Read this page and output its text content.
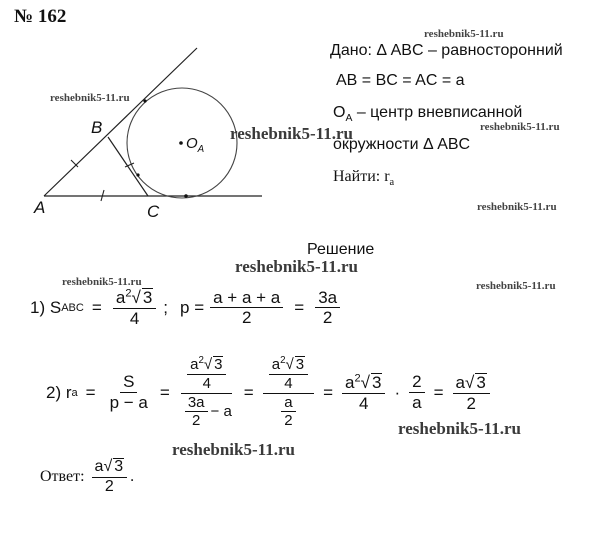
№ 162
reshebnik5-11.ru
reshebnik5-11.ru
reshebnik5-11.ru
reshebnik5-11.ru
reshebnik5-11.ru	reshebnik5-11.ru
reshebnik5-11.ru
reshebnik5-11.ru
reshebnik5-11.ru
reshebnik5-11.ru
A
B
C
$O_A$
Дано: Δ ABC – равносторонний
AB = BC = AC = a
$O_A$ – центр вневписанной
окружности Δ ABC
Найти: $r_a$
Решение
1) S ABC = $\frac{a^2√ 3}{4}$ ; $p = \frac{a + a + a}{2} = \frac{3a}{2}$
2) r $a = \frac{S}{p - a} = \frac{\frac{a^2√ 3}{4}}{\frac{3a}{2} - a} = \frac{\frac{a^2√ 3}{4}}{\frac{a}{2}} = \frac{a^2√ 3}{4} \cdot \frac{2}{a} = \frac{a√ 3}{2}$
Ответ: $\frac{a√ 3}{2}$ .
